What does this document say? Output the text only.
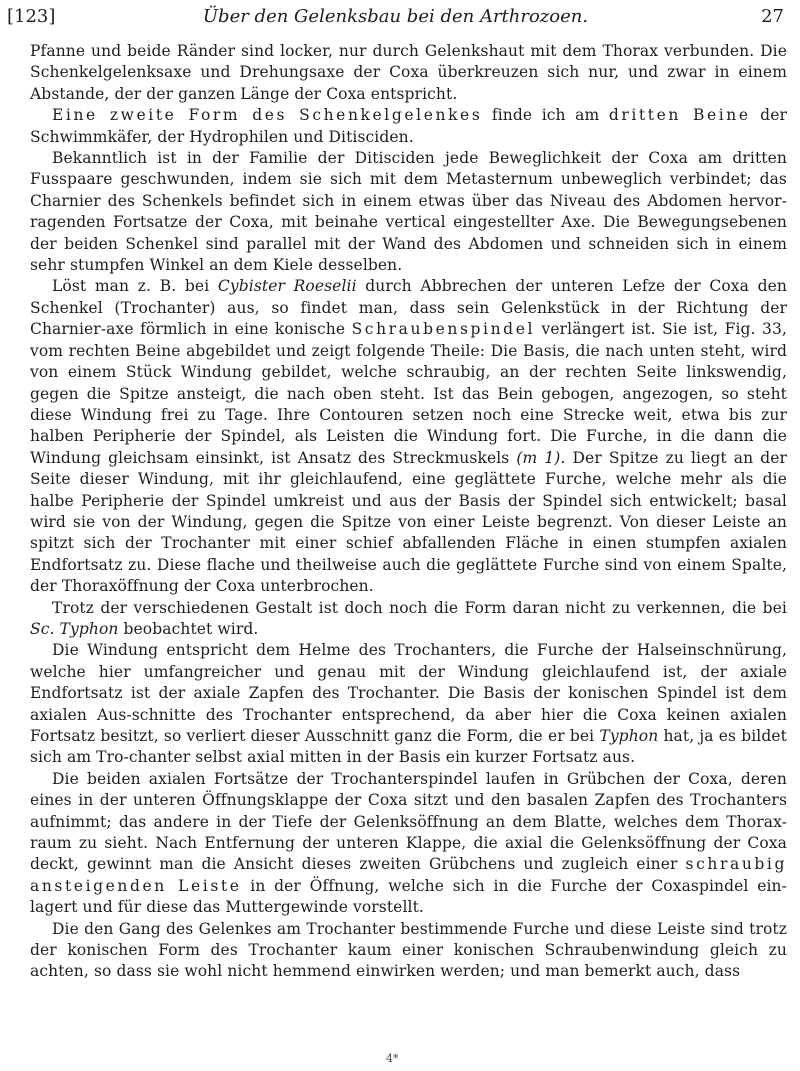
[123]	Über den Gelenksbau bei den Arthrozoen.	27

Pfanne und beide Ränder sind locker, nur durch Gelenkshaut mit dem Thorax verbunden. Die Schenkelgelenksaxe und Drehungsaxe der Coxa überkreuzen sich nur, und zwar in einem Abstande, der der ganzen Länge der Coxa entspricht.

Eine zweite Form des Schenkelgelenkes finde ich am dritten Beine der Schwimmkäfer, der Hydrophilen und Ditisciden.

Bekanntlich ist in der Familie der Ditisciden jede Beweglichkeit der Coxa am dritten Fusspaare geschwunden, indem sie sich mit dem Metasternum unbeweglich verbindet; das Charnier des Schenkels befindet sich in einem etwas über das Niveau des Abdomen hervor-ragenden Fortsatze der Coxa, mit beinahe vertical eingestellter Axe. Die Bewegungsebenen der beiden Schenkel sind parallel mit der Wand des Abdomen und schneiden sich in einem sehr stumpfen Winkel an dem Kiele desselben.

Löst man z. B. bei Cybister Roeselii durch Abbrechen der unteren Lefze der Coxa den Schenkel (Trochanter) aus, so findet man, dass sein Gelenkstück in der Richtung der Charnier-axe förmlich in eine konische Schraubenspindel verlängert ist. Sie ist, Fig. 33, vom rechten Beine abgebildet und zeigt folgende Theile: Die Basis, die nach unten steht, wird von einem Stück Windung gebildet, welche schraubig, an der rechten Seite linkswendig, gegen die Spitze ansteigt, die nach oben steht. Ist das Bein gebogen, angezogen, so steht diese Windung frei zu Tage. Ihre Contouren setzen noch eine Strecke weit, etwa bis zur halben Peripherie der Spindel, als Leisten die Windung fort. Die Furche, in die dann die Windung gleichsam einsinkt, ist Ansatz des Streckmuskels (m 1). Der Spitze zu liegt an der Seite dieser Windung, mit ihr gleichlaufend, eine geglättete Furche, welche mehr als die halbe Peripherie der Spindel umkreist und aus der Basis der Spindel sich entwickelt; basal wird sie von der Windung, gegen die Spitze von einer Leiste begrenzt. Von dieser Leiste an spitzt sich der Trochanter mit einer schief abfallenden Fläche in einen stumpfen axialen Endfortsatz zu. Diese flache und theilweise auch die geglättete Furche sind von einem Spalte, der Thoraxöffnung der Coxa unterbrochen.

Trotz der verschiedenen Gestalt ist doch noch die Form daran nicht zu verkennen, die bei Sc. Typhon beobachtet wird.

Die Windung entspricht dem Helme des Trochanters, die Furche der Halseinschnürung, welche hier umfangreicher und genau mit der Windung gleichlaufend ist, der axiale Endfortsatz ist der axiale Zapfen des Trochanter. Die Basis der konischen Spindel ist dem axialen Aus-schnitte des Trochanter entsprechend, da aber hier die Coxa keinen axialen Fortsatz besitzt, so verliert dieser Ausschnitt ganz die Form, die er bei Typhon hat, ja es bildet sich am Tro-chanter selbst axial mitten in der Basis ein kurzer Fortsatz aus.

Die beiden axialen Fortsätze der Trochanterspindel laufen in Grübchen der Coxa, deren eines in der unteren Öffnungsklappe der Coxa sitzt und den basalen Zapfen des Trochanters aufnimmt; das andere in der Tiefe der Gelenksöffnung an dem Blatte, welches dem Thorax-raum zu sieht. Nach Entfernung der unteren Klappe, die axial die Gelenksöffnung der Coxa deckt, gewinnt man die Ansicht dieses zweiten Grübchens und zugleich einer schraubig ansteigenden Leiste in der Öffnung, welche sich in die Furche der Coxaspindel ein-lagert und für diese das Muttergewinde vorstellt.

Die den Gang des Gelenkes am Trochanter bestimmende Furche und diese Leiste sind trotz der konischen Form des Trochanter kaum einer konischen Schraubenwindung gleich zu achten, so dass sie wohl nicht hemmend einwirken werden; und man bemerkt auch, dass

4*
